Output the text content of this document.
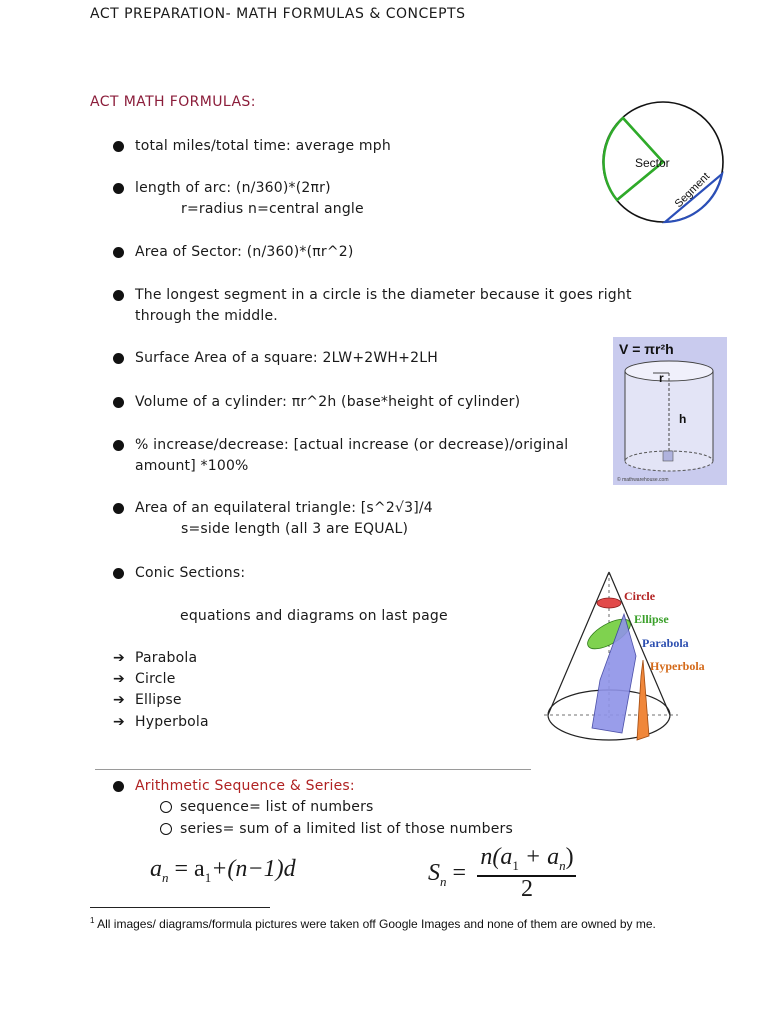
ACT PREPARATION- MATH FORMULAS & CONCEPTS
ACT MATH FORMULAS:
total miles/total time: average mph
length of arc: (n/360)*(2πr)
r=radius n=central angle
Area of Sector: (n/360)*(πr^2)
The longest segment in a circle is the diameter because it goes right
through the middle.
Surface Area of a square: 2LW+2WH+2LH
Volume of a cylinder: πr^2h (base*height of cylinder)
% increase/decrease: [actual increase (or decrease)/original
amount] *100%
Area of an equilateral triangle: [s^2√3]/4
s=side length (all 3 are EQUAL)
Conic Sections:
equations and diagrams on last page
➔ Parabola
➔ Circle
➔ Ellipse
➔ Hyperbola
Arithmetic Sequence & Series:
sequence= list of numbers
series= sum of a limited list of those numbers
$a_n = a_1+(n-1)d$	$S_n$ =
$n(a_1 + a_n)$
2
$^1$ All images/ diagrams/formula pictures were taken off Google Images and none of them are owned by me.
Sector
Segment
V = πr²h
r
h
© mathwarehouse.com
Circle
Ellipse
Parabola
Hyperbola
